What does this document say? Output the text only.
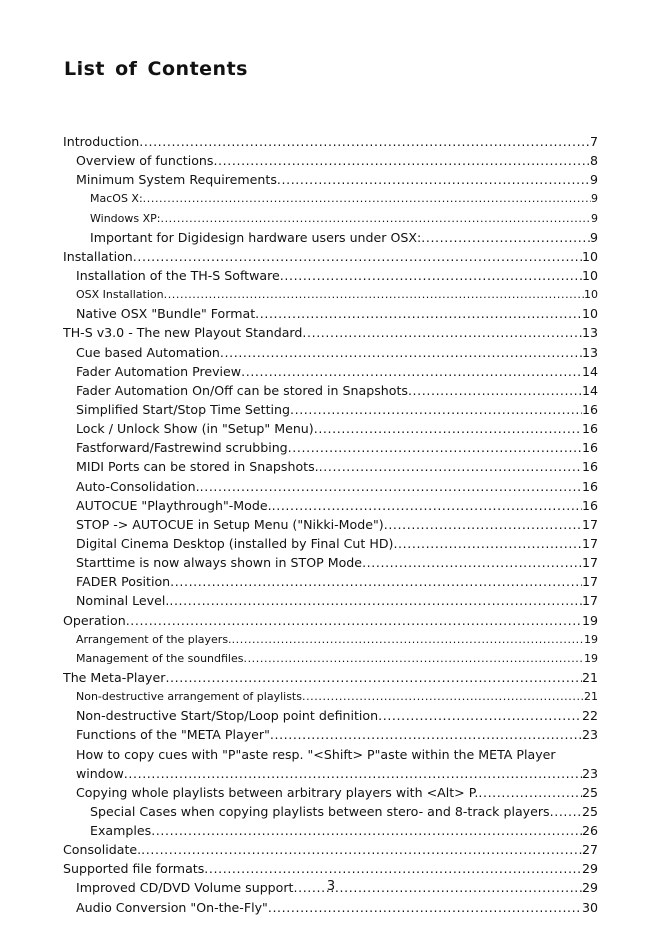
List of Contents
Introduction .....	7
Overview of functions .....	8
Minimum System Requirements .....	9
MacOS X: .....	9
Windows XP: .....	9
Important for Digidesign hardware users under OSX: .....	9
Installation .....	10
Installation of the TH-S Software .....	10
OSX Installation .....	10
Native OSX "Bundle" Format .....	10
TH-S v3.0 - The new Playout Standard .....	13
Cue based Automation .....	13
Fader Automation Preview .....	14
Fader Automation On/Off can be stored in Snapshots .....	14
Simplified Start/Stop Time Setting .....	16
Lock / Unlock Show (in "Setup" Menu) .....	16
Fastforward/Fastrewind scrubbing .....	16
MIDI Ports can be stored in Snapshots. .....	16
Auto-Consolidation. .....	16
AUTOCUE "Playthrough"-Mode. .....	16
STOP -> AUTOCUE in Setup Menu ("Nikki-Mode") .....	17
Digital Cinema Desktop (installed by Final Cut HD) .....	17
Starttime is now always shown in STOP Mode .....	17
FADER Position .....	17
Nominal Level. .....	17
Operation .....	19
Arrangement of the players. .....	19
Management of the soundfiles .....	19
The Meta-Player .....	21
Non-destructive arrangement of playlists .....	21
Non-destructive Start/Stop/Loop point definition .....	22
Functions of the "META Player" .....	23
How to copy cues with "P"aste resp. "<Shift> P"aste within the META Player
window .....	23
Copying whole playlists between arbitrary players with <Alt> P. .....	25
Special Cases when copying playlists between stero- and 8-track players .....	25
Examples .....	26
Consolidate. .....	27
Supported file formats .....	29
Improved CD/DVD Volume support .....	29
Audio Conversion "On-the-Fly" .....	30

3
